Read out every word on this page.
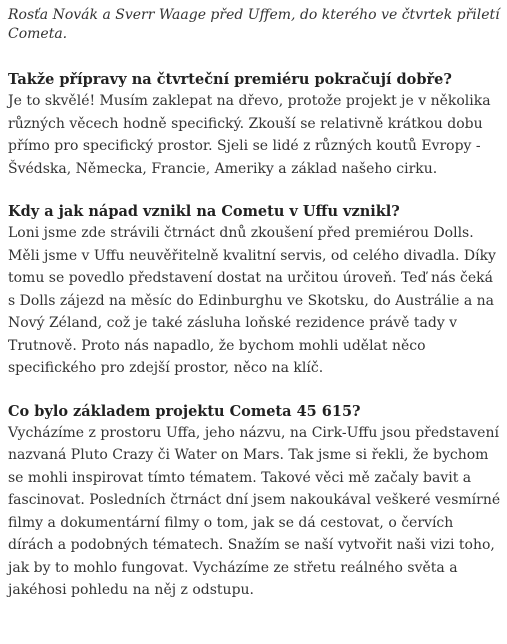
Rosťa Novák a Sverr Waage před Uffem, do kterého ve čtvrtek přiletí Cometa.

Takže přípravy na čtvrteční premiéru pokračují dobře?

Je to skvělé! Musím zaklepat na dřevo, protože projekt je v několika různých věcech hodně specifický. Zkouší se relativně krátkou dobu přímo pro specifický prostor. Sjeli se lidé z různých koutů Evropy - Švédska, Německa, Francie, Ameriky a základ našeho cirku.

Kdy a jak nápad vznikl na Cometu v Uffu vznikl?

Loni jsme zde strávili čtrnáct dnů zkoušení před premiérou Dolls. Měli jsme v Uffu neuvěřitelně kvalitní servis, od celého divadla. Díky tomu se povedlo představení dostat na určitou úroveň. Teď nás čeká s Dolls zájezd na měsíc do Edinburghu ve Skotsku, do Austrálie a na Nový Zéland, což je také zásluha loňské rezidence právě tady v Trutnově. Proto nás napadlo, že bychom mohli udělat něco specifického pro zdejší prostor, něco na klíč.

Co bylo základem projektu Cometa 45 615?

Vycházíme z prostoru Uffa, jeho názvu, na Cirk-Uffu jsou představení nazvaná Pluto Crazy či Water on Mars. Tak jsme si řekli, že bychom se mohli inspirovat tímto tématem. Takové věci mě začaly bavit a fascinovat. Posledních čtrnáct dní jsem nakoukával veškeré vesmírné filmy a dokumentární filmy o tom, jak se dá cestovat, o červích dírách a podobných tématech. Snažím se naší vytvořit naši vizi toho, jak by to mohlo fungovat. Vycházíme ze střetu reálného světa a jakéhosi pohledu na něj z odstupu.
